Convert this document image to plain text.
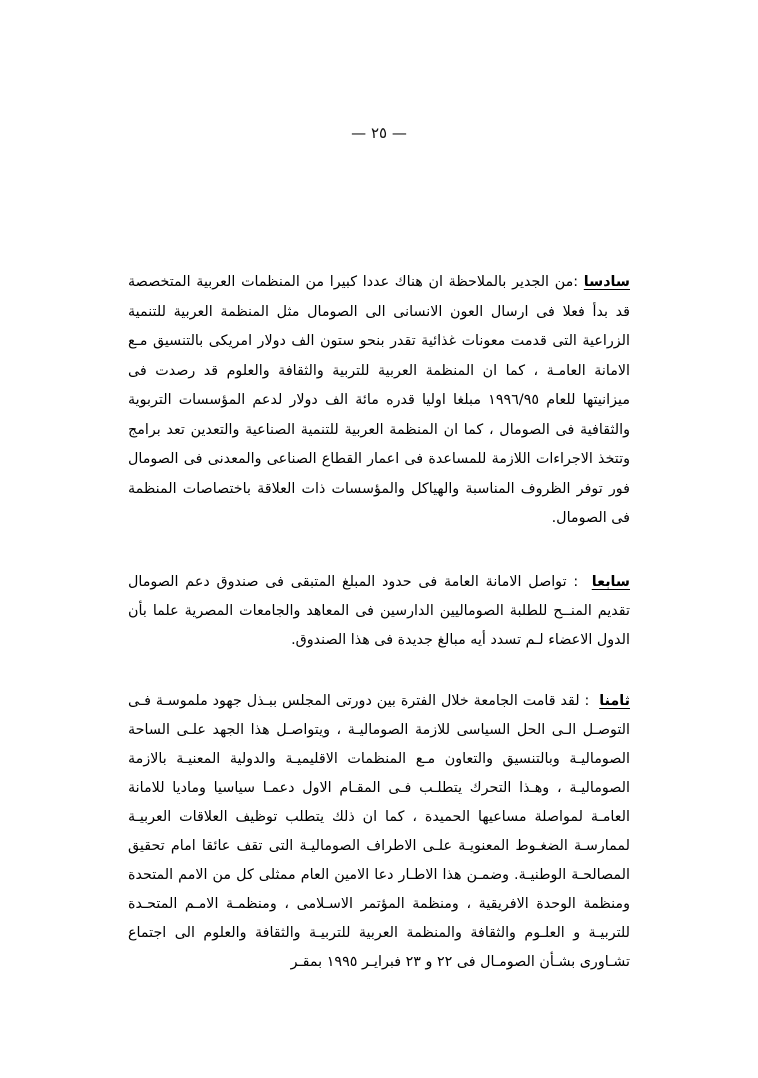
— ٢٥ —

سادسا :من الجدير بالملاحظة ان هناك عددا كبيرا من المنظمات العربية المتخصصة قد بدأ فعلا فى ارسال العون الانسانى الى الصومال مثل المنظمة العربية للتنمية الزراعية التى قدمت معونات غذائية تقدر بنحو ستون الف دولار امريكى بالتنسيق مـع الامانة العامـة ، كما ان المنظمة العربية للتربية والثقافة والعلوم قد رصدت فى ميزانيتها للعام ١٩٩٦/٩٥ مبلغا اوليا قدره مائة الف دولار لدعم المؤسسات التربوية والثقافية فى الصومال ، كما ان المنظمة العربية للتنمية الصناعية والتعدين تعد برامج وتتخذ الاجراءات اللازمة للمساعدة فى اعمار القطاع الصناعى والمعدنى فى الصومال فور توفر الظروف المناسبة والهياكل والمؤسسات ذات العلاقة باختصاصات المنظمة فى الصومال.

سابعا  : تواصل الامانة العامة فى حدود المبلغ المتبقى فى صندوق دعم الصومال تقديم المنــح للطلبة الصوماليين الدارسين فى المعاهد والجامعات المصرية علما بأن الدول الاعضاء لـم تسدد أيه مبالغ جديدة فى هذا الصندوق.

ثامنا  : لقد قامت الجامعة خلال الفترة بين دورتى المجلس ببـذل جهود ملموسـة فـى التوصـل الـى الحل السياسى للازمة الصوماليـة ، ويتواصـل هذا الجهد علـى الساحة الصوماليـة وبالتنسيق والتعاون مـع المنظمات الاقليميـة والدولية المعنيـة بالازمة الصوماليـة ، وهـذا التحرك يتطلـب فـى المقـام الاول دعمـا سياسيا وماديا للامانة العامـة لمواصلة مساعيها الحميدة ، كما ان ذلك يتطلب توظيف العلاقات العربيـة لممارسـة الضغـوط المعنويـة علـى الاطراف الصوماليـة التى تقف عائقا امام تحقيق المصالحـة الوطنيـة. وضمـن هذا الاطـار دعا الامين العام ممثلى كل من الامم المتحدة ومنظمة الوحدة الافريقية ، ومنظمة المؤتمر الاسـلامى ، ومنظمـة الامـم المتحـدة للتربيـة و العلـوم والثقافة والمنظمة العربية للتربيـة والثقافة والعلوم الى اجتماع تشـاورى بشـأن الصومـال فى ٢٢ و ٢٣ فبرايـر ١٩٩٥ بمقـر
